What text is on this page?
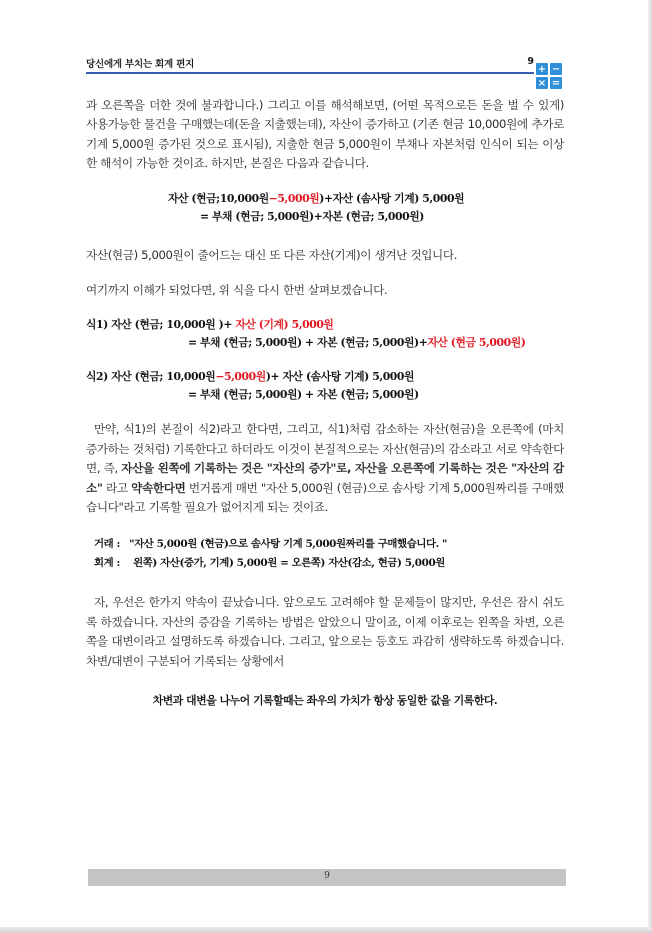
당신에게 부치는 회계 편지	9
+ −
× =

과 오른쪽을 더한 것에 불과합니다.) 그리고 이를 해석해보면, (어떤 목적으로든 돈을 벌 수 있게) 사용가능한 물건을 구매했는데(돈을 지출했는데), 자산이 증가하고 (기존 현금 10,000원에 추가로 기계 5,000원 증가된 것으로 표시됨), 지출한 현금 5,000원이 부채나 자본처럼 인식이 되는 이상한 해석이 가능한 것이죠. 하지만, 본질은 다음과 같습니다.

자산 (현금;10,000원−5,000원)+자산 (솜사탕 기계) 5,000원
= 부채 (현금; 5,000원)+자본 (현금; 5,000원)

자산(현금) 5,000원이 줄어드는 대신 또 다른 자산(기계)이 생겨난 것입니다.

여기까지 이해가 되었다면, 위 식을 다시 한번 살펴보겠습니다.

식1) 자산 (현금; 10,000원 )+ 자산 (기계) 5,000원
= 부채 (현금; 5,000원) + 자본 (현금; 5,000원)+자산 (현금 5,000원)
식2) 자산 (현금; 10,000원−5,000원)+ 자산 (솜사탕 기계) 5,000원
= 부채 (현금; 5,000원) + 자본 (현금; 5,000원)

만약, 식1)의 본질이 식2)라고 한다면, 그리고, 식1)처럼 감소하는 자산(현금)을 오른쪽에 (마치 증가하는 것처럼) 기록한다고 하더라도 이것이 본질적으로는 자산(현금)의 감소라고 서로 약속한다면, 즉, 자산을 왼쪽에 기록하는 것은 "자산의 증가"로, 자산을 오른쪽에 기록하는 것은 "자산의 감소" 라고 약속한다면 번거롭게 매번 "자산 5,000원 (현금)으로 솜사탕 기계 5,000원짜리를 구매했습니다"라고 기록할 필요가 없어지게 되는 것이죠.

거래 : "자산 5,000원 (현금)으로 솜사탕 기계 5,000원짜리를 구매했습니다. "
회계 : 왼쪽) 자산(증가, 기계) 5,000원 = 오른쪽) 자산(감소, 현금) 5,000원

자, 우선은 한가지 약속이 끝났습니다. 앞으로도 고려해야 할 문제들이 많지만, 우선은 잠시 쉬도록 하겠습니다. 자산의 증감을 기록하는 방법은 알았으니 말이죠, 이제 이후로는 왼쪽을 차변, 오른쪽을 대변이라고 설명하도록 하겠습니다. 그리고, 앞으로는 등호도 과감히 생략하도록 하겠습니다. 차변/대변이 구분되어 기록되는 상황에서

차변과 대변을 나누어 기록할때는 좌우의 가치가 항상 동일한 값을 기록한다.
9
